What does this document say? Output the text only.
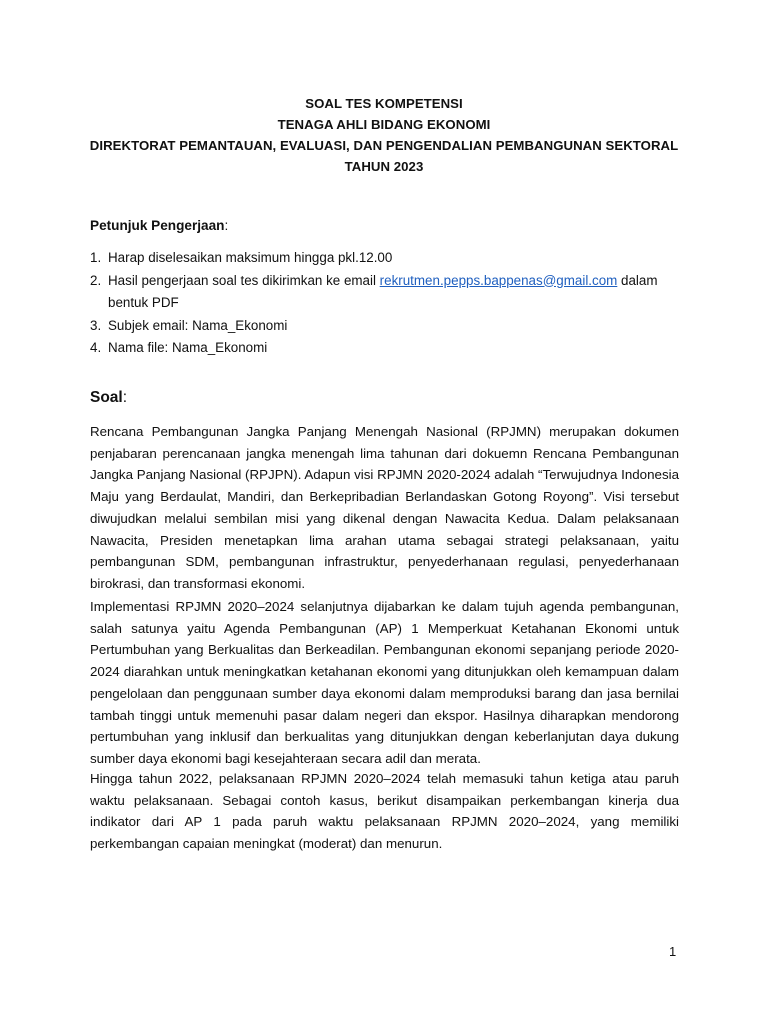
SOAL TES KOMPETENSI
TENAGA AHLI BIDANG EKONOMI
DIREKTORAT PEMANTAUAN, EVALUASI, DAN PENGENDALIAN PEMBANGUNAN SEKTORAL
TAHUN 2023
Petunjuk Pengerjaan:
1. Harap diselesaikan maksimum hingga pkl.12.00
2. Hasil pengerjaan soal tes dikirimkan ke email rekrutmen.pepps.bappenas@gmail.com dalam bentuk PDF
3. Subjek email: Nama_Ekonomi
4. Nama file: Nama_Ekonomi
Soal:

Rencana Pembangunan Jangka Panjang Menengah Nasional (RPJMN) merupakan dokumen penjabaran perencanaan jangka menengah lima tahunan dari dokuemn Rencana Pembangunan Jangka Panjang Nasional (RPJPN). Adapun visi RPJMN 2020-2024 adalah “Terwujudnya Indonesia Maju yang Berdaulat, Mandiri, dan Berkepribadian Berlandaskan Gotong Royong”. Visi tersebut diwujudkan melalui sembilan misi yang dikenal dengan Nawacita Kedua. Dalam pelaksanaan Nawacita, Presiden menetapkan lima arahan utama sebagai strategi pelaksanaan, yaitu pembangunan SDM, pembangunan infrastruktur, penyederhanaan regulasi, penyederhanaan birokrasi, dan transformasi ekonomi.

Implementasi RPJMN 2020–2024 selanjutnya dijabarkan ke dalam tujuh agenda pembangunan, salah satunya yaitu Agenda Pembangunan (AP) 1 Memperkuat Ketahanan Ekonomi untuk Pertumbuhan yang Berkualitas dan Berkeadilan. Pembangunan ekonomi sepanjang periode 2020-2024 diarahkan untuk meningkatkan ketahanan ekonomi yang ditunjukkan oleh kemampuan dalam pengelolaan dan penggunaan sumber daya ekonomi dalam memproduksi barang dan jasa bernilai tambah tinggi untuk memenuhi pasar dalam negeri dan ekspor. Hasilnya diharapkan mendorong pertumbuhan yang inklusif dan berkualitas yang ditunjukkan dengan keberlanjutan daya dukung sumber daya ekonomi bagi kesejahteraan secara adil dan merata.

Hingga tahun 2022, pelaksanaan RPJMN 2020–2024 telah memasuki tahun ketiga atau paruh waktu pelaksanaan. Sebagai contoh kasus, berikut disampaikan perkembangan kinerja dua indikator dari AP 1 pada paruh waktu pelaksanaan RPJMN 2020–2024, yang memiliki perkembangan capaian meningkat (moderat) dan menurun.

1
